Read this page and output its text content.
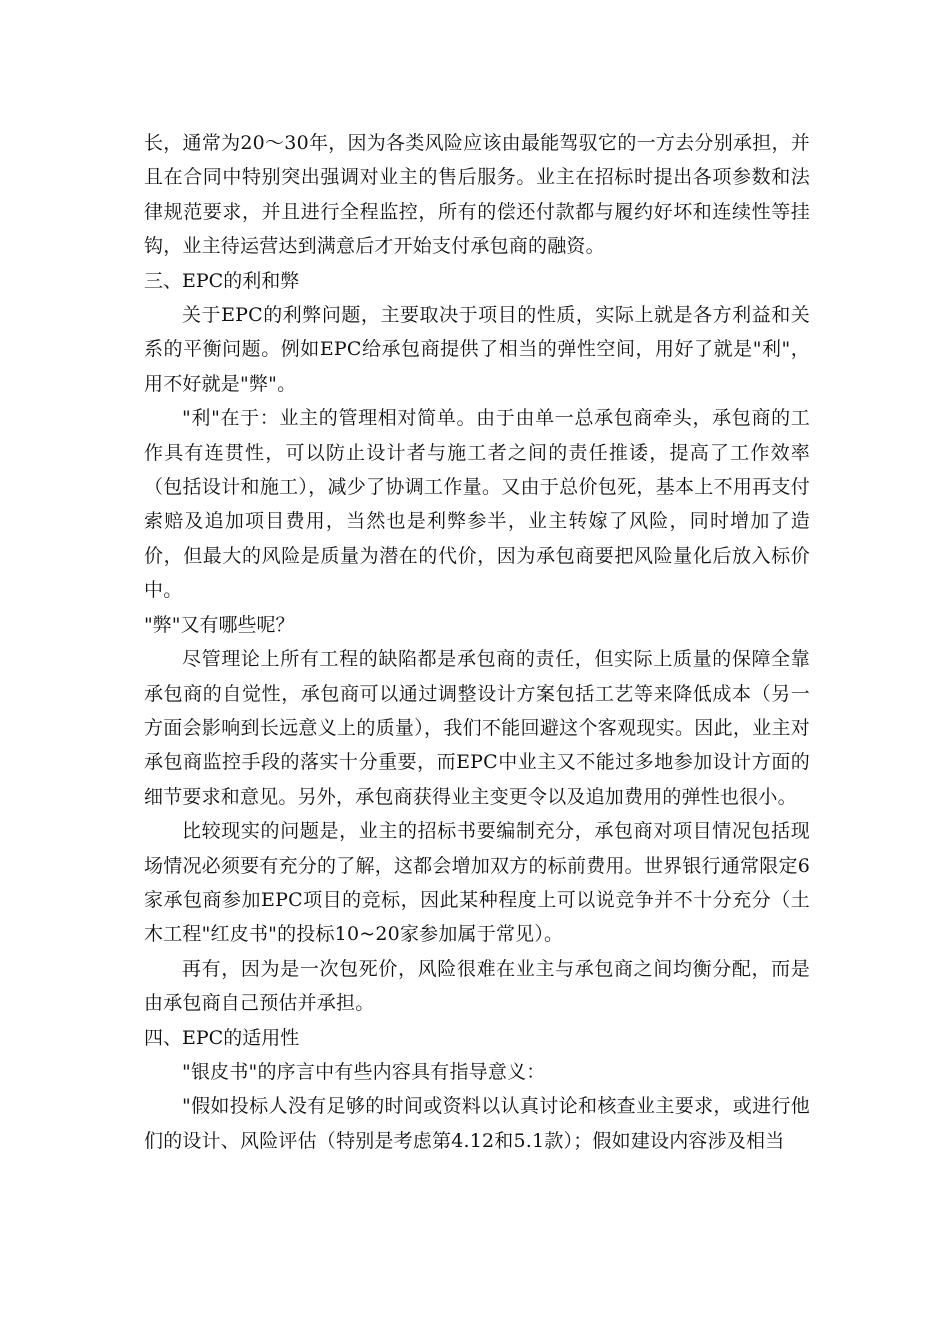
长，通常为20～30年，因为各类风险应该由最能驾驭它的一方去分别承担，并且在合同中特别突出强调对业主的售后服务。业主在招标时提出各项参数和法律规范要求，并且进行全程监控，所有的偿还付款都与履约好坏和连续性等挂钩，业主待运营达到满意后才开始支付承包商的融资。

三、EPC的利和弊

关于EPC的利弊问题，主要取决于项目的性质，实际上就是各方利益和关系的平衡问题。例如EPC给承包商提供了相当的弹性空间，用好了就是"利"，用不好就是"弊"。

"利"在于：业主的管理相对简单。由于由单一总承包商牵头，承包商的工作具有连贯性，可以防止设计者与施工者之间的责任推诿，提高了工作效率（包括设计和施工），减少了协调工作量。又由于总价包死，基本上不用再支付索赔及追加项目费用，当然也是利弊参半，业主转嫁了风险，同时增加了造价，但最大的风险是质量为潜在的代价，因为承包商要把风险量化后放入标价中。

"弊"又有哪些呢？

尽管理论上所有工程的缺陷都是承包商的责任，但实际上质量的保障全靠承包商的自觉性，承包商可以通过调整设计方案包括工艺等来降低成本（另一方面会影响到长远意义上的质量），我们不能回避这个客观现实。因此，业主对承包商监控手段的落实十分重要，而EPC中业主又不能过多地参加设计方面的细节要求和意见。另外，承包商获得业主变更令以及追加费用的弹性也很小。

比较现实的问题是，业主的招标书要编制充分，承包商对项目情况包括现场情况必须要有充分的了解，这都会增加双方的标前费用。世界银行通常限定6家承包商参加EPC项目的竞标，因此某种程度上可以说竞争并不十分充分（土木工程"红皮书"的投标10~20家参加属于常见）。

再有，因为是一次包死价，风险很难在业主与承包商之间均衡分配，而是由承包商自己预估并承担。

四、EPC的适用性

"银皮书"的序言中有些内容具有指导意义：

"假如投标人没有足够的时间或资料以认真讨论和核查业主要求，或进行他们的设计、风险评估（特别是考虑第4.12和5.1款）；假如建设内容涉及相当
